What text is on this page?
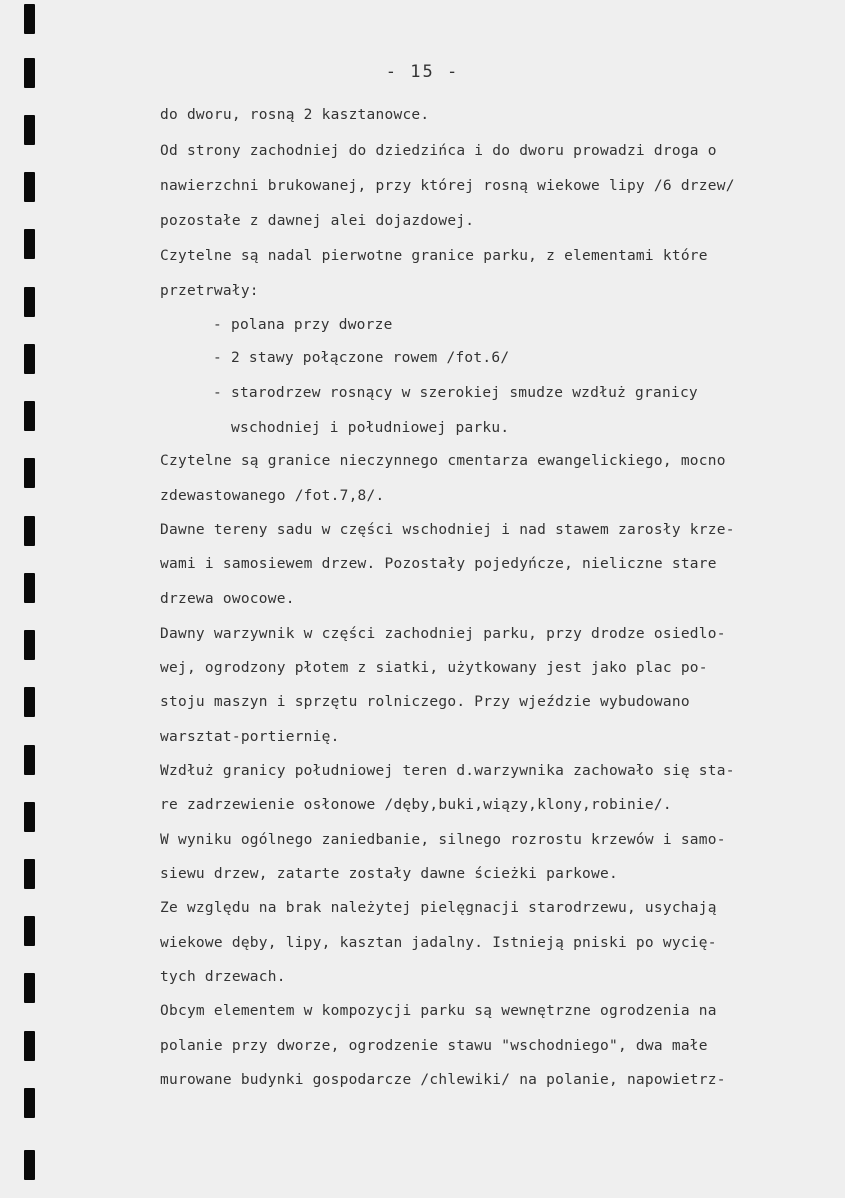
- 15 -
do dworu, rosną 2 kasztanowce.
Od strony zachodniej do dziedzińca i do dworu prowadzi droga o
nawierzchni brukowanej, przy której rosną wiekowe lipy /6 drzew/
pozostałe z dawnej alei dojazdowej.
Czytelne są nadal pierwotne granice parku, z elementami które
przetrwały:
- polana przy dworze
- 2 stawy połączone rowem /fot.6/
- starodrzew rosnący w szerokiej smudze wzdłuż granicy
wschodniej i południowej parku.
Czytelne są granice nieczynnego cmentarza ewangelickiego, mocno
zdewastowanego /fot.7,8/.
Dawne tereny sadu w części wschodniej i nad stawem zarosły krze-
wami i samosiewem drzew. Pozostały pojedyńcze, nieliczne stare
drzewa owocowe.
Dawny warzywnik w części zachodniej parku, przy drodze osiedlo-
wej, ogrodzony płotem z siatki, użytkowany jest jako plac po-
stoju maszyn i sprzętu rolniczego. Przy wjeździe wybudowano
warsztat-portiernię.
Wzdłuż granicy południowej teren d.warzywnika zachowało się sta-
re zadrzewienie osłonowe /dęby,buki,wiązy,klony,robinie/.
W wyniku ogólnego zaniedbanie, silnego rozrostu krzewów i samo-
siewu drzew, zatarte zostały dawne ścieżki parkowe.
Ze względu na brak należytej pielęgnacji starodrzewu, usychają
wiekowe dęby, lipy, kasztan jadalny. Istnieją pniski po wycię-
tych drzewach.
Obcym elementem w kompozycji parku są wewnętrzne ogrodzenia na
polanie przy dworze, ogrodzenie stawu "wschodniego", dwa małe
murowane budynki gospodarcze /chlewiki/ na polanie, napowietrz-
